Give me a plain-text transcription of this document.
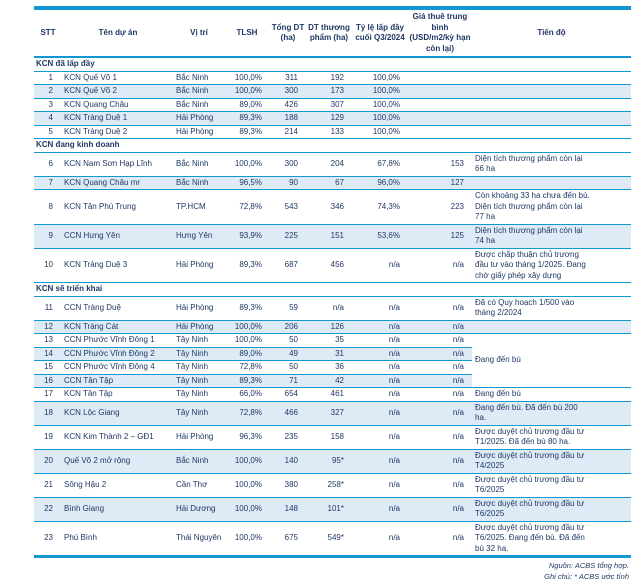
STT	Tên dự án	Vị trí	TLSH	Tổng DT (ha)	DT thương phẩm (ha)	Tỷ lệ lấp đầy cuối Q3/2024	Giá thuê trung bình (USD/m2/kỳ hạn còn lại)	Tiến độ
KCN đã lấp đầy								
1	KCN Quế Võ 1	Bắc Ninh	100,0%	311	192	100,0%		
2	KCN Quế Võ 2	Bắc Ninh	100,0%	300	173	100,0%		
3	KCN Quang Châu	Bắc Ninh	89,0%	426	307	100,0%		
4	KCN Tràng Duệ 1	Hải Phòng	89,3%	188	129	100,0%		
5	KCN Tràng Duệ 2	Hải Phòng	89,3%	214	133	100,0%		
KCN đang kinh doanh								
6	KCN Nam Sơn Hạp Lĩnh	Bắc Ninh	100,0%	300	204	67,8%	153	Diện tích thương phẩm còn lại 66 ha
7	KCN Quang Châu mr	Bắc Ninh	96,5%	90	67	96,0%	127	
8	KCN Tân Phú Trung	TP.HCM	72,8%	543	346	74,3%	223	Còn khoảng 33 ha chưa đến bù. Diện tích thương phẩm còn lại 77 ha
9	CCN Hưng Yên	Hưng Yên	93,9%	225	151	53,6%	125	Diện tích thương phẩm còn lại 74 ha
10	KCN Tràng Duệ 3	Hải Phòng	89,3%	687	456	n/a	n/a	Được chấp thuận chủ trương đầu tư vào tháng 1/2025. Đang chờ giấy phép xây dựng
KCN sẽ triển khai								
11	CCN Tràng Duệ	Hải Phòng	89,3%	59	n/a	n/a	n/a	Đã có Quy hoạch 1/500 vào tháng 2/2024
12	KCN Tràng Cát	Hải Phòng	100,0%	206	126	n/a	n/a	
13	CCN Phước Vĩnh Đông 1	Tây Ninh	100,0%	50	35	n/a	n/a	Đang đến bù
14	CCN Phước Vĩnh Đông 2	Tây Ninh	89,0%	49	31	n/a	n/a	
15	CCN Phước Vĩnh Đông 4	Tây Ninh	72,8%	50	36	n/a	n/a	
16	CCN Tân Tập	Tây Ninh	89,3%	71	42	n/a	n/a	
17	KCN Tân Tập	Tây Ninh	66,0%	654	461	n/a	n/a	Đang đến bù
18	KCN Lộc Giang	Tây Ninh	72,8%	466	327	n/a	n/a	Đang đến bù. Đã đến bù 200 ha.
19	KCN Kim Thành 2 – GĐ1	Hải Phòng	96,3%	235	158	n/a	n/a	Được duyệt chủ trương đầu tư T1/2025. Đã đến bù 80 ha.
20	Quế Võ 2 mở rộng	Bắc Ninh	100,0%	140	95*	n/a	n/a	Được duyệt chủ trương đầu tư T4/2025
21	Sông Hậu 2	Cần Thơ	100,0%	380	258*	n/a	n/a	Được duyệt chủ trương đầu tư T6/2025
22	Bình Giang	Hải Dương	100,0%	148	101*	n/a	n/a	Được duyệt chủ trương đầu tư T6/2025
23	Phú Bình	Thái Nguyên	100,0%	675	549*	n/a	n/a	Được duyệt chủ trương đầu tư T6/2025. Đang đến bù. Đã đến bù 32 ha.
Nguồn: ACBS tổng hợp.
Ghi chú: * ACBS ước tính
